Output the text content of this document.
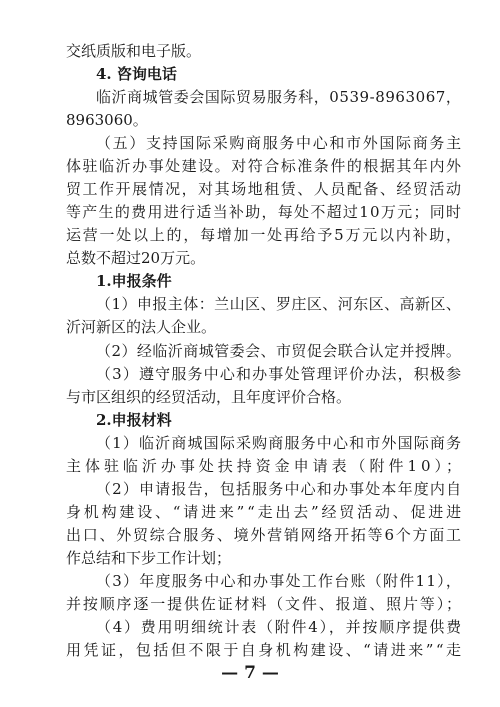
交纸质版和电子版。
4. 咨询电话
临沂商城管委会国际贸易服务科，0539-8963067，
8963060。
（五）支持国际采购商服务中心和市外国际商务主
体驻临沂办事处建设。对符合标准条件的根据其年内外
贸工作开展情况，对其场地租赁、人员配备、经贸活动
等产生的费用进行适当补助，每处不超过10万元；同时
运营一处以上的，每增加一处再给予5万元以内补助，
总数不超过20万元。
1.申报条件
（1）申报主体：兰山区、罗庄区、河东区、高新区、
沂河新区的法人企业。
（2）经临沂商城管委会、市贸促会联合认定并授牌。
（3）遵守服务中心和办事处管理评价办法，积极参
与市区组织的经贸活动，且年度评价合格。
2.申报材料
（1）临沂商城国际采购商服务中心和市外国际商务
主体驻临沂办事处扶持资金申请表（附件10）；
（2）申请报告，包括服务中心和办事处本年度内自
身机构建设、“请进来”“走出去”经贸活动、促进进
出口、外贸综合服务、境外营销网络开拓等6个方面工
作总结和下步工作计划；
（3）年度服务中心和办事处工作台账（附件11），
并按顺序逐一提供佐证材料（文件、报道、照片等）；
（4）费用明细统计表（附件4），并按顺序提供费
用凭证，包括但不限于自身机构建设、“请进来”“走
— 7 —
